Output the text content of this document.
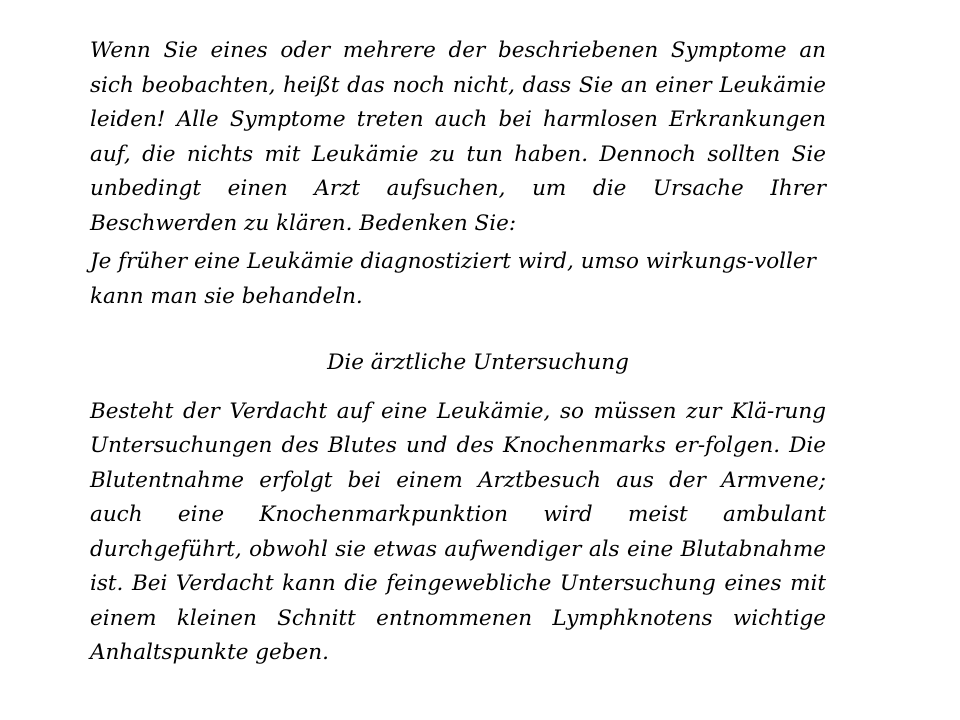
Wenn Sie eines oder mehrere der beschriebenen Symptome an sich beobachten, heißt das noch nicht, dass Sie an einer Leukämie leiden! Alle Symptome treten auch bei harmlosen Erkrankungen auf, die nichts mit Leukämie zu tun haben. Dennoch sollten Sie unbedingt einen Arzt aufsuchen, um die Ursache Ihrer Beschwerden zu klären. Bedenken Sie:

Je früher eine Leukämie diagnostiziert wird, umso wirkungs-voller kann man sie behandeln.

Die ärztliche Untersuchung

Besteht der Verdacht auf eine Leukämie, so müssen zur Klä-rung Untersuchungen des Blutes und des Knochenmarks er-folgen. Die Blutentnahme erfolgt bei einem Arztbesuch aus der Armvene; auch eine Knochenmarkpunktion wird meist ambulant durchgeführt, obwohl sie etwas aufwendiger als eine Blutabnahme ist. Bei Verdacht kann die feingewebliche Untersuchung eines mit einem kleinen Schnitt entnommenen Lymphknotens wichtige Anhaltspunkte geben.
